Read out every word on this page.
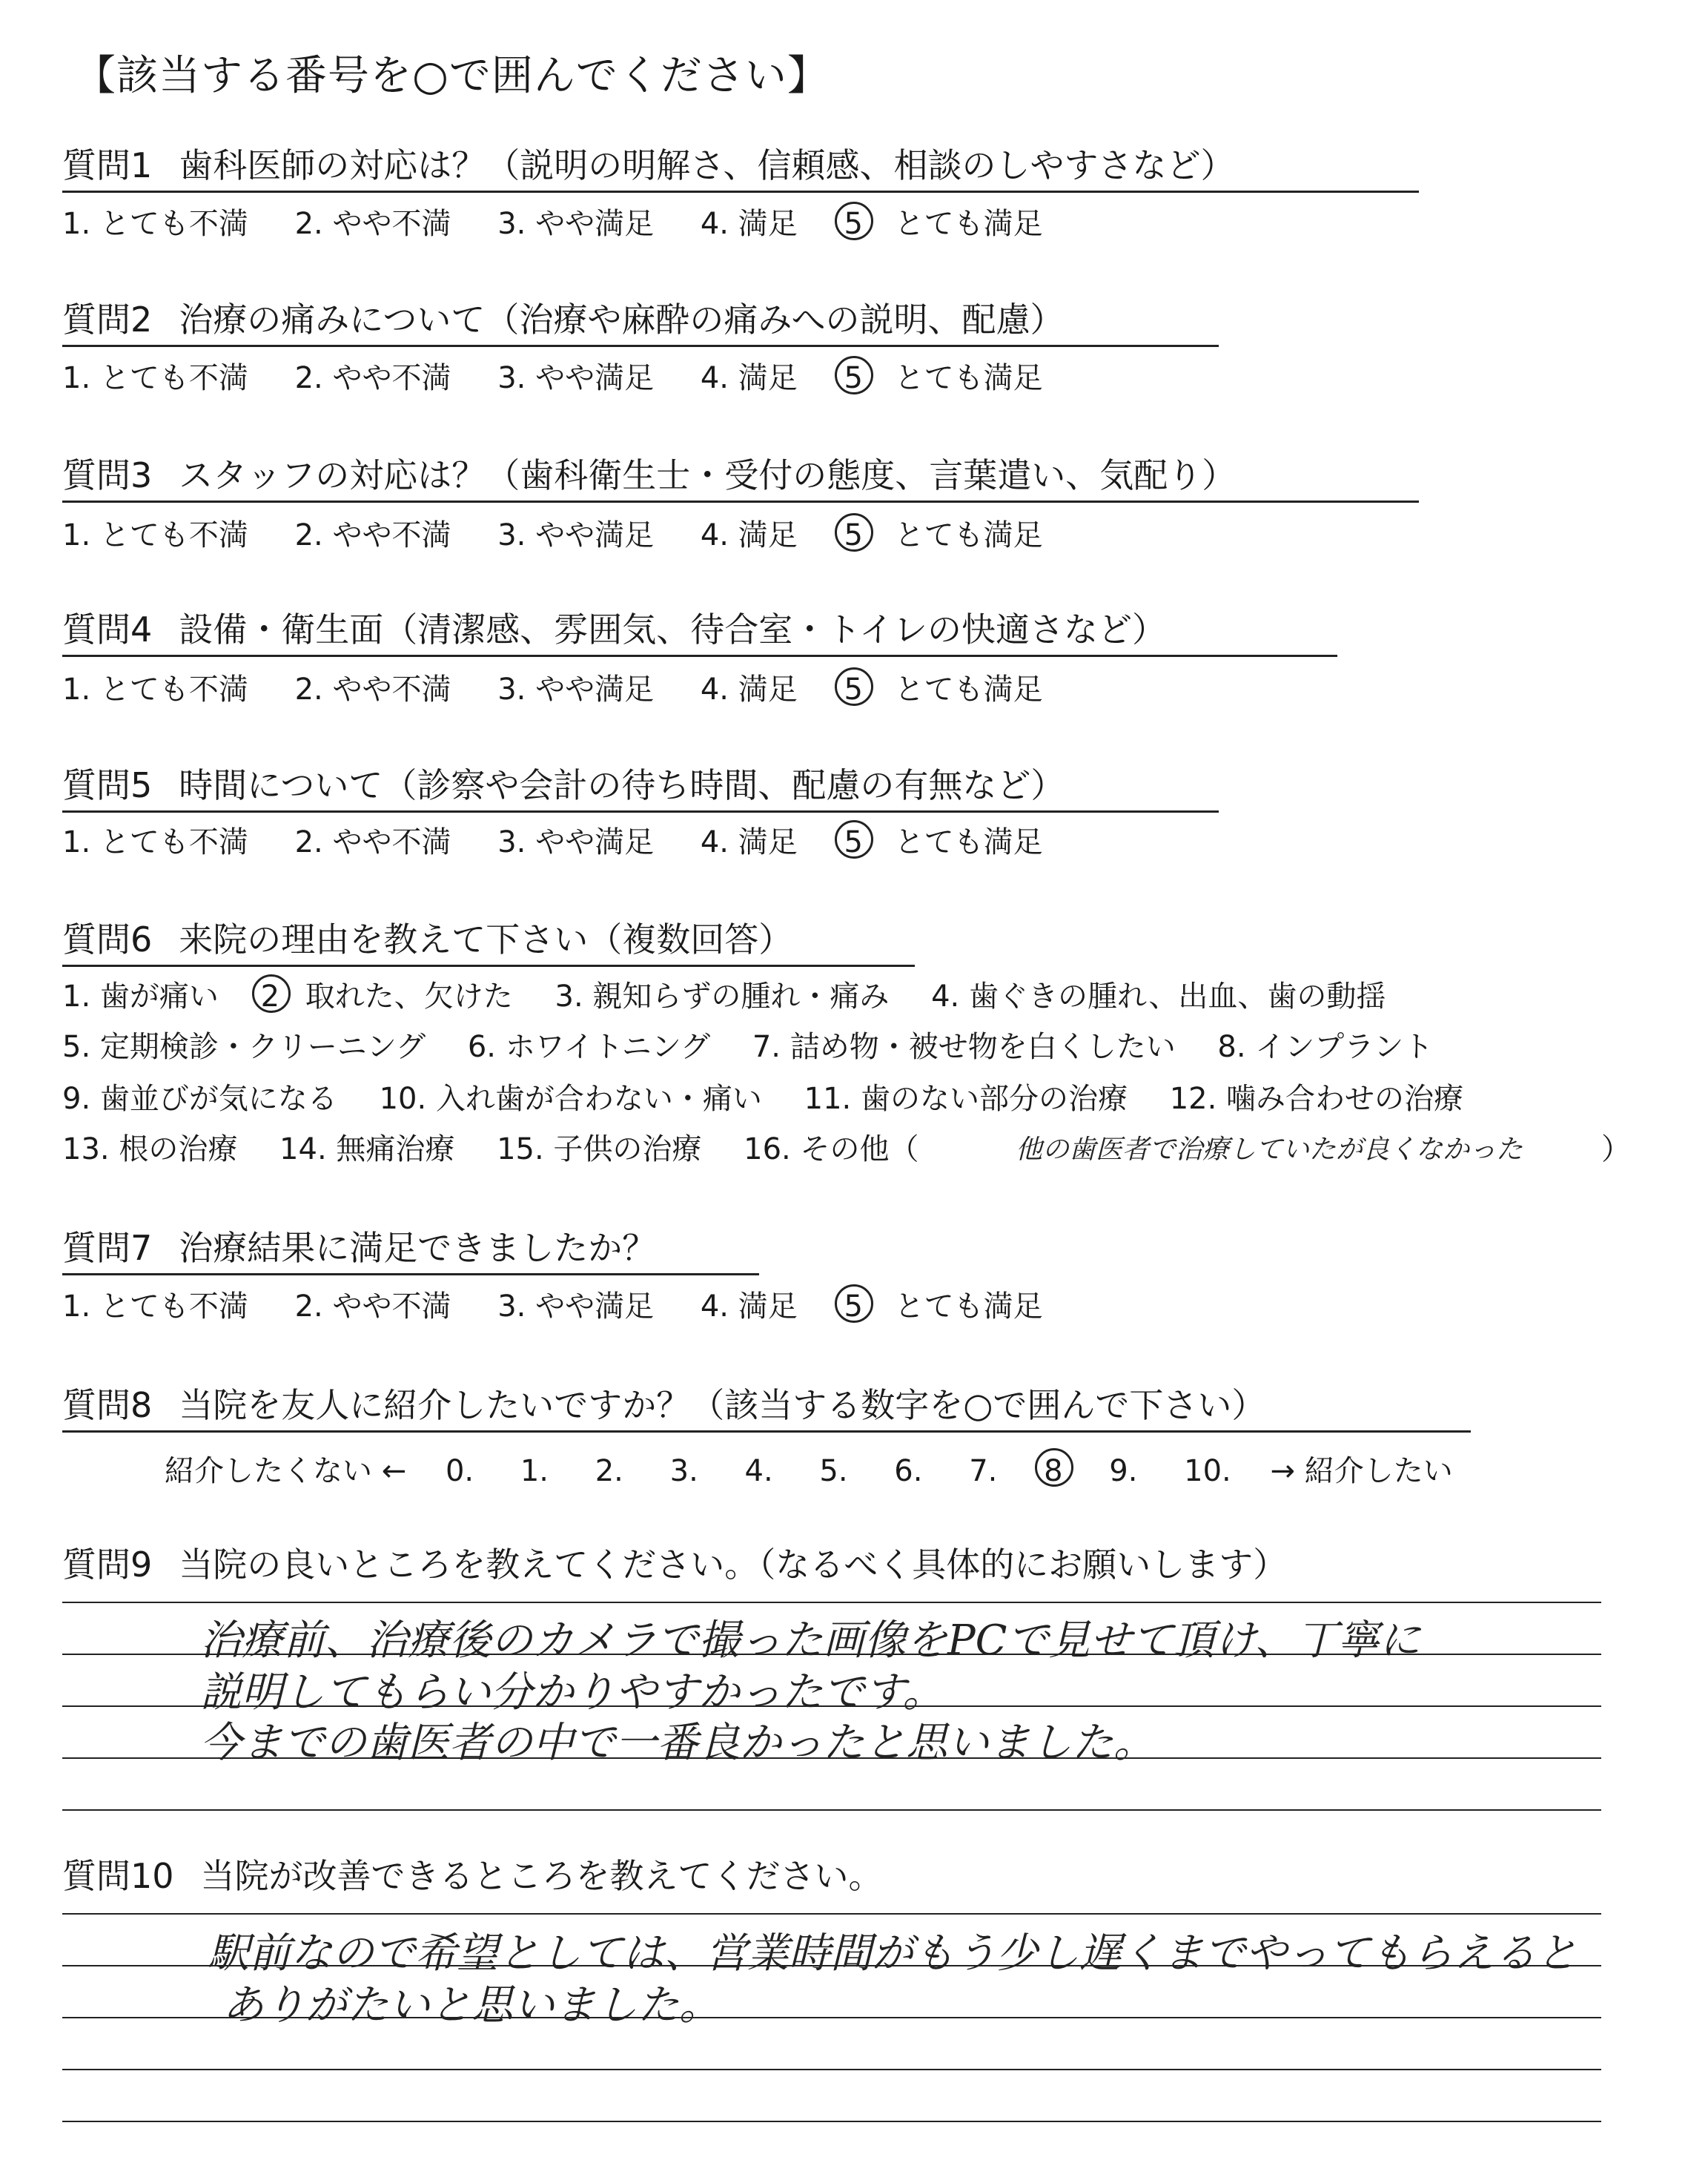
【該当する番号を○で囲んでください】
質問1 歯科医師の対応は？（説明の明解さ、信頼感、相談のしやすさなど）
1. とても不満 2. やや不満 3. やや満足 4. 満足 5 とても満足
質問2 治療の痛みについて（治療や麻酔の痛みへの説明、配慮）
1. とても不満 2. やや不満 3. やや満足 4. 満足 5 とても満足
質問3 スタッフの対応は？（歯科衛生士・受付の態度、言葉遣い、気配り）
1. とても不満 2. やや不満 3. やや満足 4. 満足 5 とても満足
質問4 設備・衛生面（清潔感、雰囲気、待合室・トイレの快適さなど）
1. とても不満 2. やや不満 3. やや満足 4. 満足 5 とても満足
質問5 時間について（診察や会計の待ち時間、配慮の有無など）
1. とても不満 2. やや不満 3. やや満足 4. 満足 5 とても満足
質問6 来院の理由を教えて下さい（複数回答）
1. 歯が痛い 2 取れた、欠けた 3. 親知らずの腫れ・痛み 4. 歯ぐきの腫れ、出血、歯の動揺
5. 定期検診・クリーニング 6. ホワイトニング 7. 詰め物・被せ物を白くしたい 8. インプラント
9. 歯並びが気になる 10. 入れ歯が合わない・痛い 11. 歯のない部分の治療 12. 噛み合わせの治療
13. 根の治療 14. 無痛治療 15. 子供の治療 16. その他（	他の歯医者で治療していたが良くなかった	）
質問7 治療結果に満足できましたか？
1. とても不満 2. やや不満 3. やや満足 4. 満足 5 とても満足
質問8 当院を友人に紹介したいですか？（該当する数字を○で囲んで下さい）
紹介したくない ← 0. 1. 2. 3. 4. 5. 6. 7. 8 9. 10. → 紹介したい
質問9 当院の良いところを教えてください。（なるべく具体的にお願いします）
治療前、治療後のカメラで撮った画像をPCで見せて頂け、丁寧に
説明してもらい分かりやすかったです。
今までの歯医者の中で一番良かったと思いました。
質問10 当院が改善できるところを教えてください。
駅前なので希望としては、営業時間がもう少し遅くまでやってもらえると
ありがたいと思いました。
